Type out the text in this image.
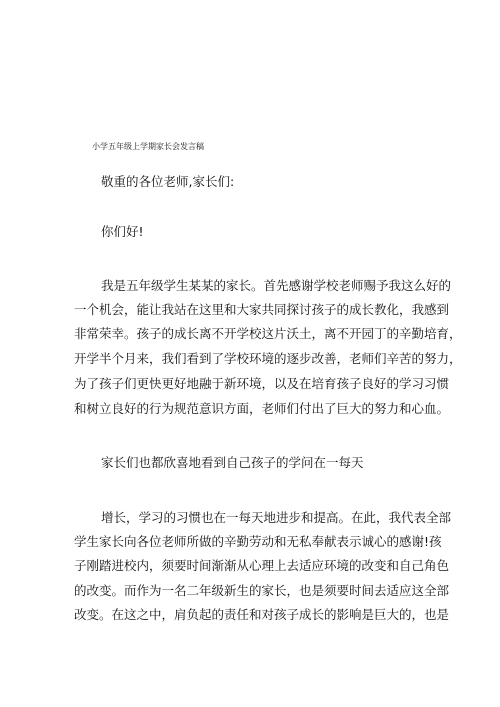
小学五年级上学期家长会发言稿
敬重的各位老师,家长们:
你们好!
我是五年级学生某某的家长。首先感谢学校老师赐予我这么好的
一个机会，能让我站在这里和大家共同探讨孩子的成长教化，我感到
非常荣幸。孩子的成长离不开学校这片沃土，离不开园丁的辛勤培育，
开学半个月来，我们看到了学校环境的逐步改善，老师们辛苦的努力，
为了孩子们更快更好地融于新环境，以及在培育孩子良好的学习习惯
和树立良好的行为规范意识方面，老师们付出了巨大的努力和心血。
家长们也都欣喜地看到自己孩子的学问在一每天
增长，学习的习惯也在一每天地进步和提高。在此，我代表全部
学生家长向各位老师所做的辛勤劳动和无私奉献表示诚心的感谢!孩
子刚踏进校内，须要时间渐渐从心理上去适应环境的改变和自己角色
的改变。而作为一名二年级新生的家长，也是须要时间去适应这全部
改变。在这之中，肩负起的责任和对孩子成长的影响是巨大的，也是
